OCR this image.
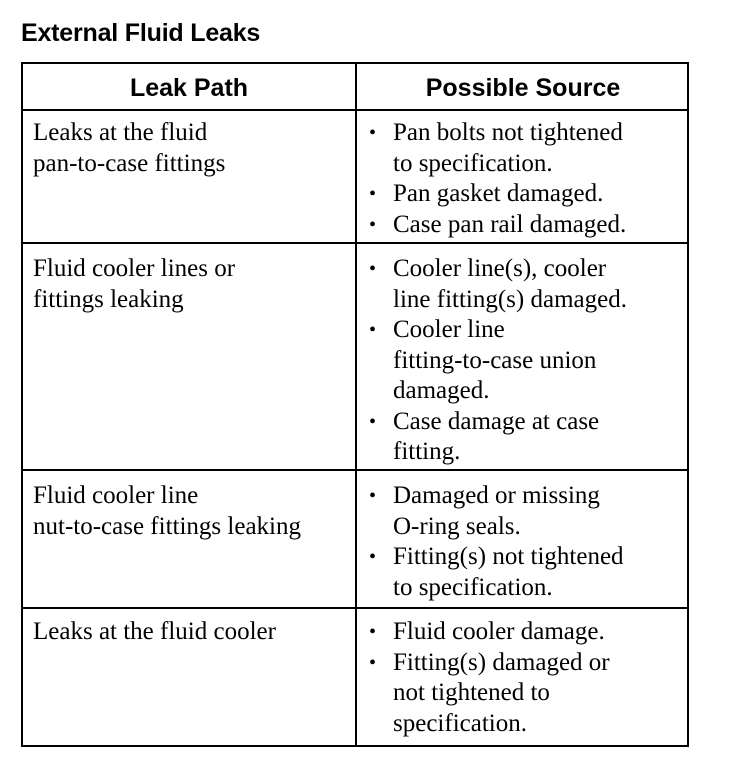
External Fluid Leaks
Leak Path	Possible Source
Leaks at the fluid
pan-to-case fittings
• Pan bolts not tightened
to specification.
• Pan gasket damaged.
• Case pan rail damaged.
Fluid cooler lines or
fittings leaking
• Cooler line(s), cooler
line fitting(s) damaged.
• Cooler line
fitting-to-case union
damaged.
• Case damage at case
fitting.
Fluid cooler line
nut-to-case fittings leaking
• Damaged or missing
O-ring seals.
• Fitting(s) not tightened
to specification.
Leaks at the fluid cooler	• Fluid cooler damage.
• Fitting(s) damaged or
not tightened to
specification.
